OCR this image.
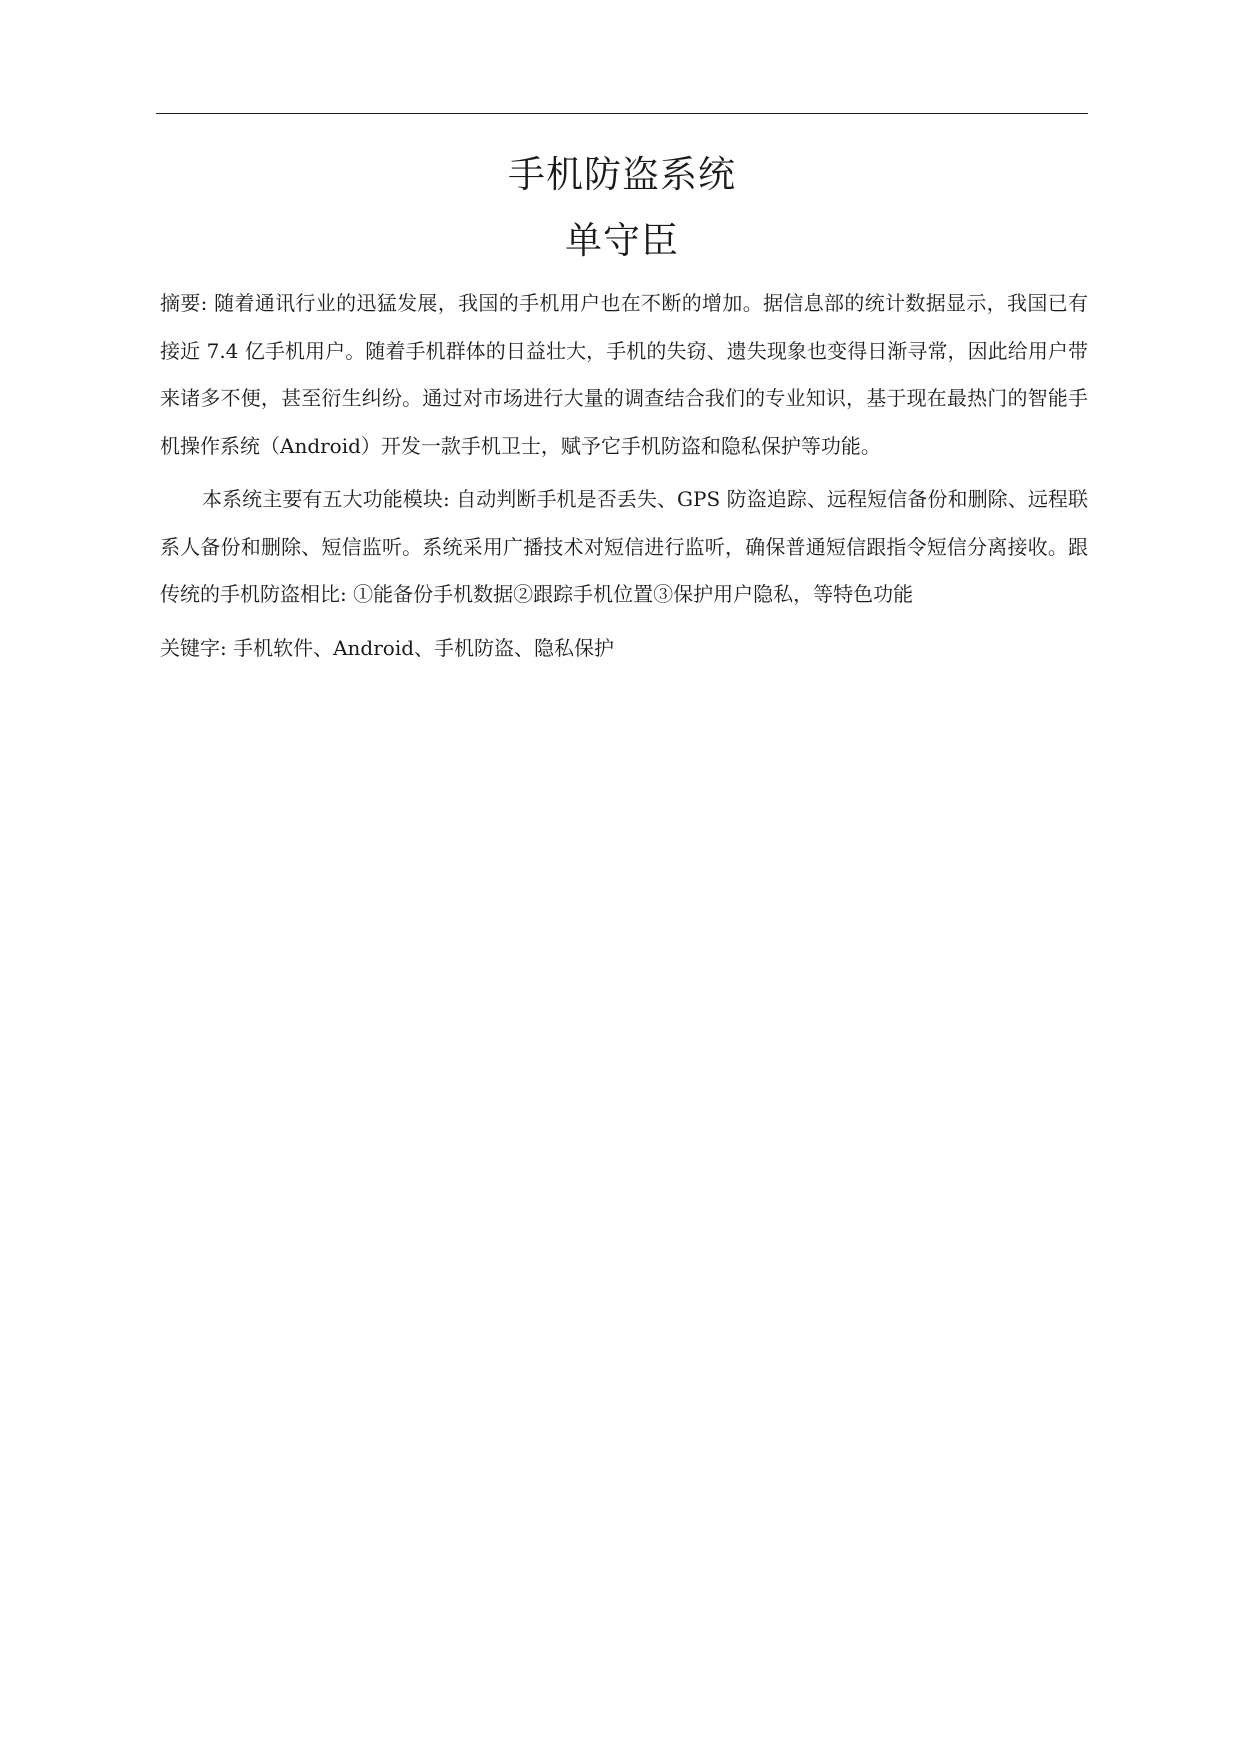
手机防盗系统
单守臣

摘要: 随着通讯行业的迅猛发展，我国的手机用户也在不断的增加。据信息部的统计数据显示，我国已有接近 7.4 亿手机用户。随着手机群体的日益壮大，手机的失窃、遗失现象也变得日渐寻常，因此给用户带来诸多不便，甚至衍生纠纷。通过对市场进行大量的调查结合我们的专业知识，基于现在最热门的智能手机操作系统（Android）开发一款手机卫士，赋予它手机防盗和隐私保护等功能。

本系统主要有五大功能模块: 自动判断手机是否丢失、GPS 防盗追踪、远程短信备份和删除、远程联系人备份和删除、短信监听。系统采用广播技术对短信进行监听，确保普通短信跟指令短信分离接收。跟传统的手机防盗相比: ①能备份手机数据②跟踪手机位置③保护用户隐私，等特色功能

关键字: 手机软件、Android、手机防盗、隐私保护
